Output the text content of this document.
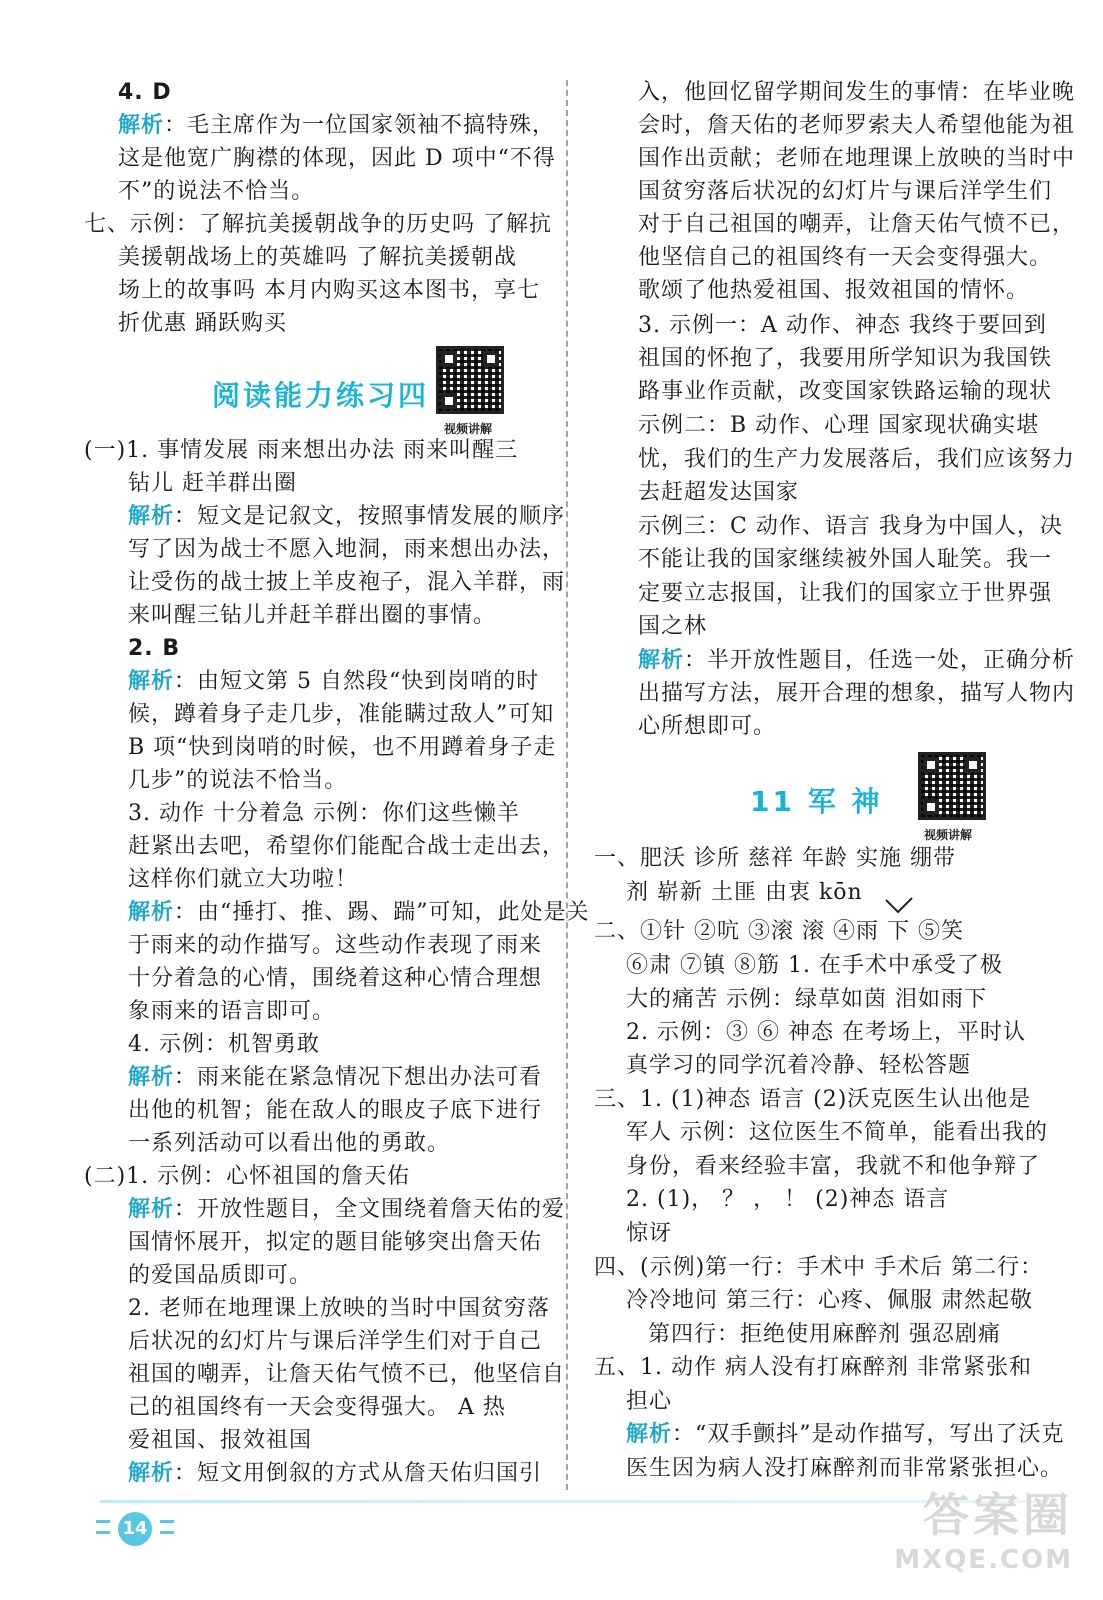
4. D
解析：毛主席作为一位国家领袖不搞特殊，
这是他宽广胸襟的体现，因此 D 项中“不得
不”的说法不恰当。
七、示例：了解抗美援朝战争的历史吗 了解抗
美援朝战场上的英雄吗 了解抗美援朝战
场上的故事吗 本月内购买这本图书，享七
折优惠 踊跃购买
阅读能力练习四
视频讲解
(一)1. 事情发展 雨来想出办法 雨来叫醒三
钻儿 赶羊群出圈
解析：短文是记叙文，按照事情发展的顺序
写了因为战士不愿入地洞，雨来想出办法，
让受伤的战士披上羊皮袍子，混入羊群，雨
来叫醒三钻儿并赶羊群出圈的事情。
2. B
解析：由短文第 5 自然段“快到岗哨的时
候，蹲着身子走几步，准能瞒过敌人”可知
B 项“快到岗哨的时候，也不用蹲着身子走
几步”的说法不恰当。
3. 动作 十分着急 示例：你们这些懒羊
赶紧出去吧，希望你们能配合战士走出去，
这样你们就立大功啦！
解析：由“捶打、推、踢、踹”可知，此处是关
于雨来的动作描写。这些动作表现了雨来
十分着急的心情，围绕着这种心情合理想
象雨来的语言即可。
4. 示例：机智勇敢
解析：雨来能在紧急情况下想出办法可看
出他的机智；能在敌人的眼皮子底下进行
一系列活动可以看出他的勇敢。
(二)1. 示例：心怀祖国的詹天佑
解析：开放性题目，全文围绕着詹天佑的爱
国情怀展开，拟定的题目能够突出詹天佑
的爱国品质即可。
2. 老师在地理课上放映的当时中国贫穷落
后状况的幻灯片与课后洋学生们对于自己
祖国的嘲弄，让詹天佑气愤不已，他坚信自
己的祖国终有一天会变得强大。 A 热
爱祖国、报效祖国
解析：短文用倒叙的方式从詹天佑归国引
入，他回忆留学期间发生的事情：在毕业晚
会时，詹天佑的老师罗索夫人希望他能为祖
国作出贡献；老师在地理课上放映的当时中
国贫穷落后状况的幻灯片与课后洋学生们
对于自己祖国的嘲弄，让詹天佑气愤不已，
他坚信自己的祖国终有一天会变得强大。
歌颂了他热爱祖国、报效祖国的情怀。
3. 示例一：A 动作、神态 我终于要回到
祖国的怀抱了，我要用所学知识为我国铁
路事业作贡献，改变国家铁路运输的现状
示例二：B 动作、心理 国家现状确实堪
忧，我们的生产力发展落后，我们应该努力
去赶超发达国家
示例三：C 动作、语言 我身为中国人，决
不能让我的国家继续被外国人耻笑。我一
定要立志报国，让我们的国家立于世界强
国之林
解析：半开放性题目，任选一处，正确分析
出描写方法，展开合理的想象，描写人物内
心所想即可。
11 军 神
视频讲解
一、肥沃 诊所 慈祥 年龄 实施 绷带
剂 崭新 土匪 由衷 kōn
二、①针 ②吭 ③滚 滚 ④雨 下 ⑤笑
⑥肃 ⑦镇 ⑧筋 1. 在手术中承受了极
大的痛苦 示例：绿草如茵 泪如雨下
2. 示例：③ ⑥ 神态 在考场上，平时认
真学习的同学沉着冷静、轻松答题
三、1. (1)神态 语言 (2)沃克医生认出他是
军人 示例：这位医生不简单，能看出我的
身份，看来经验丰富，我就不和他争辩了
2. (1)， ？ ， ！ (2)神态 语言
惊讶
四、(示例)第一行：手术中 手术后 第二行：
冷冷地问 第三行：心疼、佩服 肃然起敬
第四行：拒绝使用麻醉剂 强忍剧痛
五、1. 动作 病人没有打麻醉剂 非常紧张和
担心
解析：“双手颤抖”是动作描写，写出了沃克
医生因为病人没打麻醉剂而非常紧张担心。
14	答案圈
MXQE.COM
